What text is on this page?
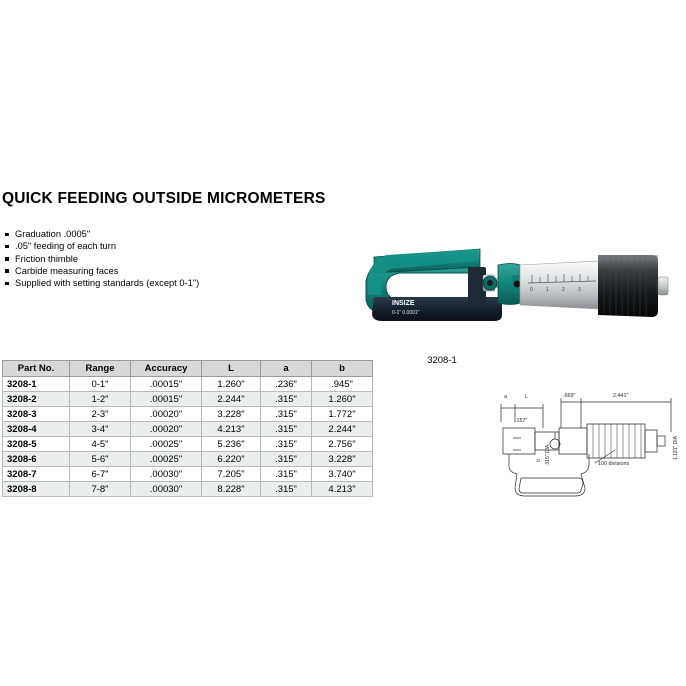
QUICK FEEDING OUTSIDE MICROMETERS
Graduation .0005"
.05" feeding of each turn
Friction thimble
Carbide measuring faces
Supplied with setting standards (except 0-1")
Part No.	Range	Accuracy	L	a	b
3208-1	0-1"	.00015"	1.260"	.236"	.945"
3208-2	1-2"	.00015"	2.244"	.315"	1.260"
3208-3	2-3"	.00020"	3.228"	.315"	1.772"
3208-4	3-4"	.00020"	4.213"	.315"	2.244"
3208-5	4-5"	.00025"	5.236"	.315"	2.756"
3208-6	5-6"	.00025"	6.220"	.315"	3.228"
3208-7	6-7"	.00030"	7.205"	.315"	3.740"
3208-8	7-8"	.00030"	8.228"	.315"	4.213"
0	1	2	3
INSIZE
0-1" 0.0001"
3208-1
a	L	.669"	2.441"
.157"
100 divisions
b .315" DIA	1.181" DIA
